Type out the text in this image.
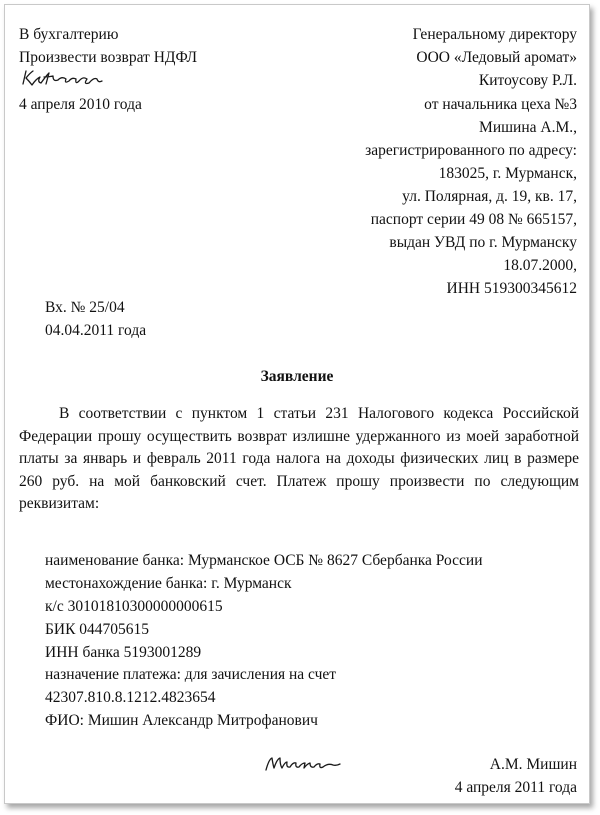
В бухгалтерию
Произвести возврат НДФЛ
4 апреля 2010 года
Генеральному директору
ООО «Ледовый аромат»
Китоусову Р.Л.
от начальника цеха №3
Мишина А.М.,
зарегистрированного по адресу:
183025, г. Мурманск,
ул. Полярная, д. 19, кв. 17,
паспорт серии 49 08 № 665157,
выдан УВД по г. Мурманску
18.07.2000,
ИНН 519300345612
Вх. № 25/04
04.04.2011 года
Заявление
В соответствии с пунктом 1 статьи 231 Налогового кодекса Российской Федерации прошу осуществить возврат излишне удержанного из моей заработной платы за январь и февраль 2011 года налога на доходы физических лиц в размере 260 руб. на мой банковский счет. Платеж прошу произвести по следующим реквизитам:
наименование банка: Мурманское ОСБ № 8627 Сбербанка России
местонахождение банка: г. Мурманск
к/с 30101810300000000615
БИК 044705615
ИНН банка 5193001289
назначение платежа: для зачисления на счет
42307.810.8.1212.4823654
ФИО: Мишин Александр Митрофанович
А.М. Мишин
4 апреля 2011 года
